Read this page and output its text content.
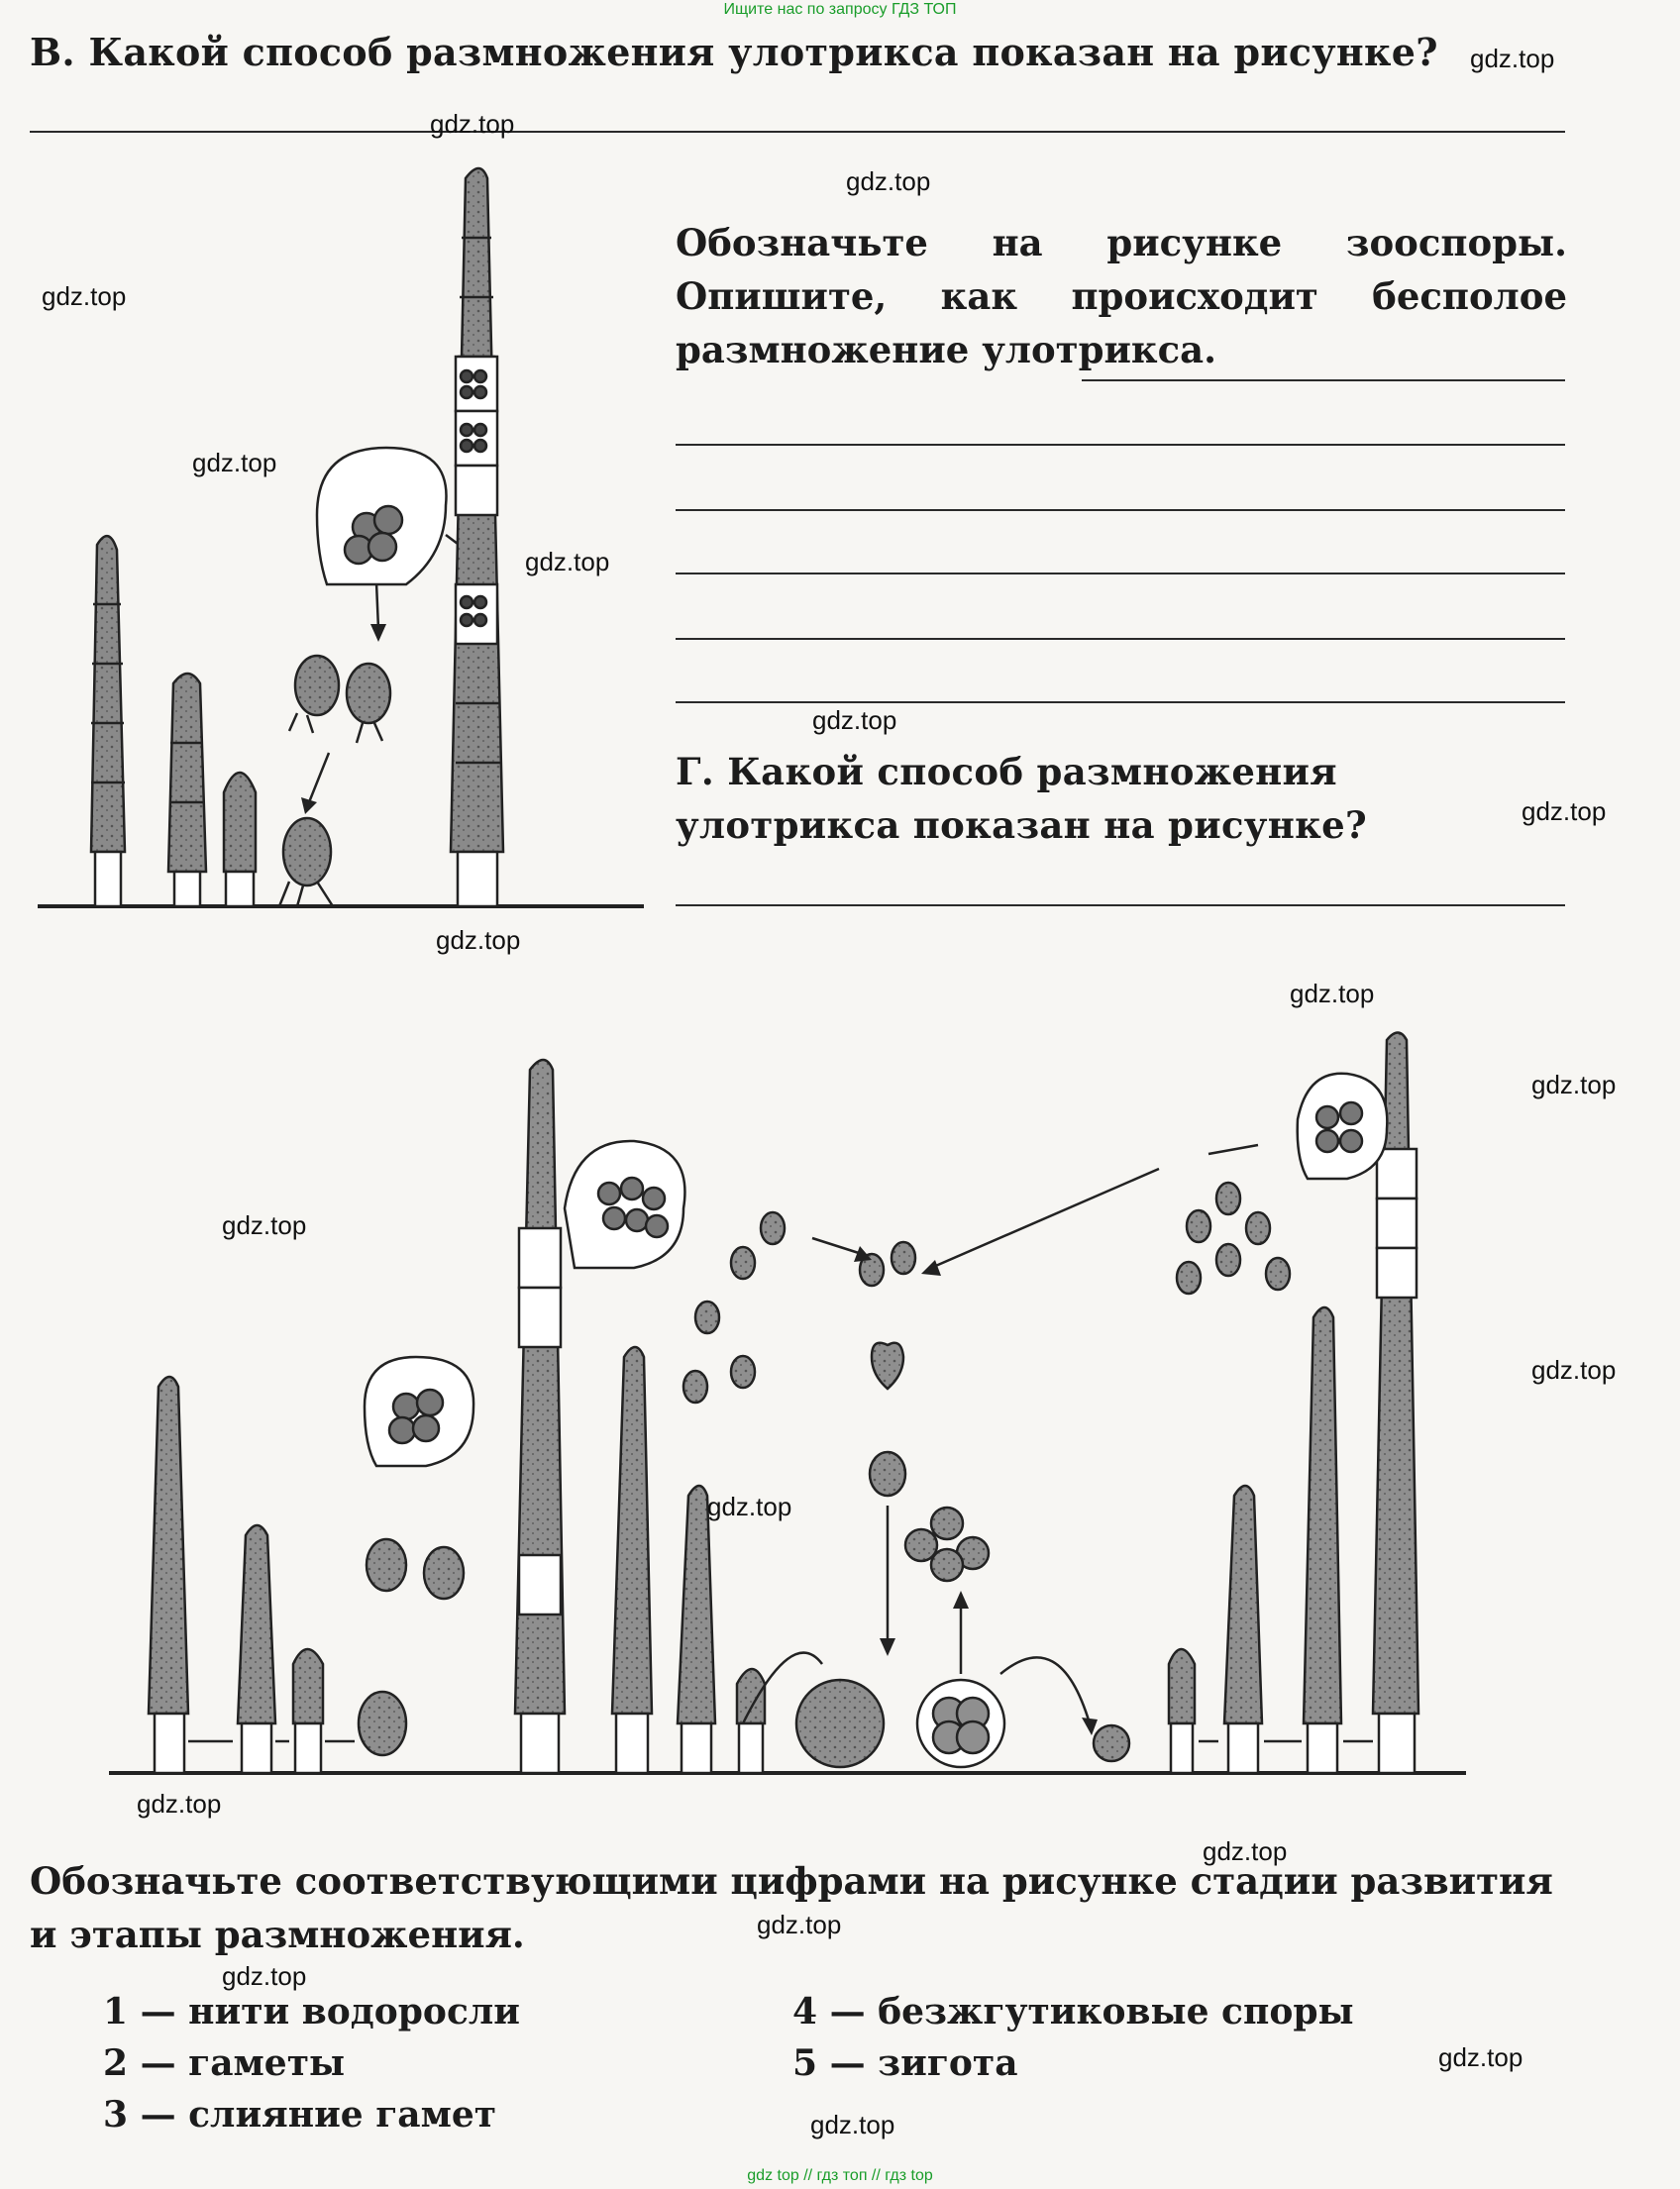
Ищите нас по запросу ГДЗ ТОП
В. Какой способ размножения улотрикса показан на рисунке?
Обозначьте на рисунке зооспоры. Опишите, как происходит бесполое размножение улотрикса.
Г. Какой способ размножения улотрикса показан на рисунке?
Обозначьте соответствующими цифрами на рисунке стадии развития и этапы размножения.
1 — нити водоросли
2 — гаметы
3 — слияние гамет
4 — безжгутиковые споры
5 — зигота
gdz.top
gdz.top
gdz.top
gdz.top
gdz.top
gdz.top
gdz.top
gdz.top
gdz.top
gdz.top
gdz.top
gdz.top
gdz.top
gdz.top
gdz.top
gdz.top
gdz.top
gdz.top
gdz.top
gdz.top
gdz top // гдз топ // гдз top
